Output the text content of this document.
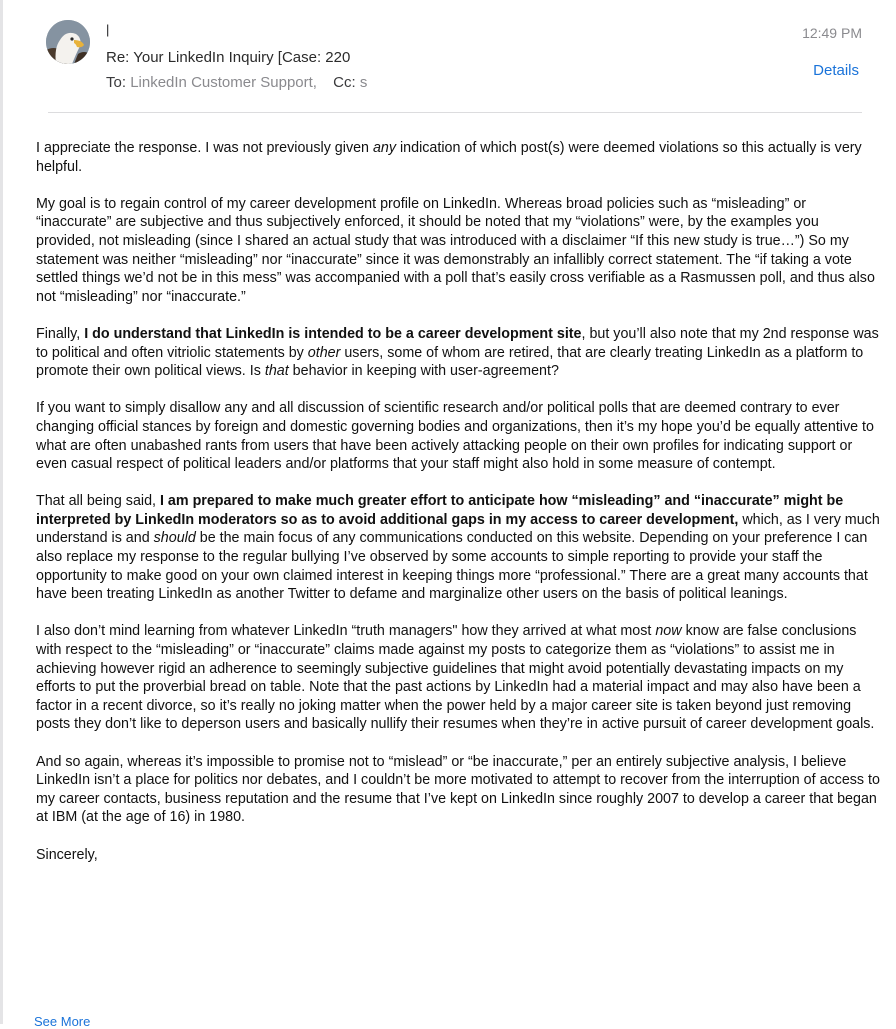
|
Re: Your LinkedIn Inquiry [Case: 220
To: LinkedIn Customer Support, Cc: s
12:49 PM
Details

I appreciate the response. I was not previously given any indication of which post(s) were deemed violations so this actually is very helpful.

My goal is to regain control of my career development profile on LinkedIn. Whereas broad policies such as “misleading” or “inaccurate” are subjective and thus subjectively enforced, it should be noted that my “violations” were, by the examples you provided, not misleading (since I shared an actual study that was introduced with a disclaimer “If this new study is true…”) So my statement was neither “misleading” nor “inaccurate” since it was demonstrably an infallibly correct statement. The “if taking a vote settled things we’d not be in this mess” was accompanied with a poll that’s easily cross verifiable as a Rasmussen poll, and thus also not “misleading” nor “inaccurate.”

Finally, I do understand that LinkedIn is intended to be a career development site, but you’ll also note that my 2nd response was to political and often vitriolic statements by other users, some of whom are retired, that are clearly treating LinkedIn as a platform to promote their own political views. Is that behavior in keeping with user-agreement?

If you want to simply disallow any and all discussion of scientific research and/or political polls that are deemed contrary to ever changing official stances by foreign and domestic governing bodies and organizations, then it’s my hope you’d be equally attentive to what are often unabashed rants from users that have been actively attacking people on their own profiles for indicating support or even casual respect of political leaders and/or platforms that your staff might also hold in some measure of contempt.

That all being said, I am prepared to make much greater effort to anticipate how “misleading” and “inaccurate” might be interpreted by LinkedIn moderators so as to avoid additional gaps in my access to career development, which, as I very much understand is and should be the main focus of any communications conducted on this website. Depending on your preference I can also replace my response to the regular bullying I’ve observed by some accounts to simple reporting to provide your staff the opportunity to make good on your own claimed interest in keeping things more “professional.” There are a great many accounts that have been treating LinkedIn as another Twitter to defame and marginalize other users on the basis of political leanings.

I also don’t mind learning from whatever LinkedIn “truth managers" how they arrived at what most now know are false conclusions with respect to the “misleading” or “inaccurate” claims made against my posts to categorize them as “violations” to assist me in achieving however rigid an adherence to seemingly subjective guidelines that might avoid potentially devastating impacts on my efforts to put the proverbial bread on table. Note that the past actions by LinkedIn had a material impact and may also have been a factor in a recent divorce, so it’s really no joking matter when the power held by a major career site is taken beyond just removing posts they don’t like to deperson users and basically nullify their resumes when they’re in active pursuit of career development goals.

And so again, whereas it’s impossible to promise not to “mislead” or “be inaccurate,” per an entirely subjective analysis, I believe LinkedIn isn’t a place for politics nor debates, and I couldn’t be more motivated to attempt to recover from the interruption of access to my career contacts, business reputation and the resume that I’ve kept on LinkedIn since roughly 2007 to develop a career that began at IBM (at the age of 16) in 1980.

Sincerely,

See More
